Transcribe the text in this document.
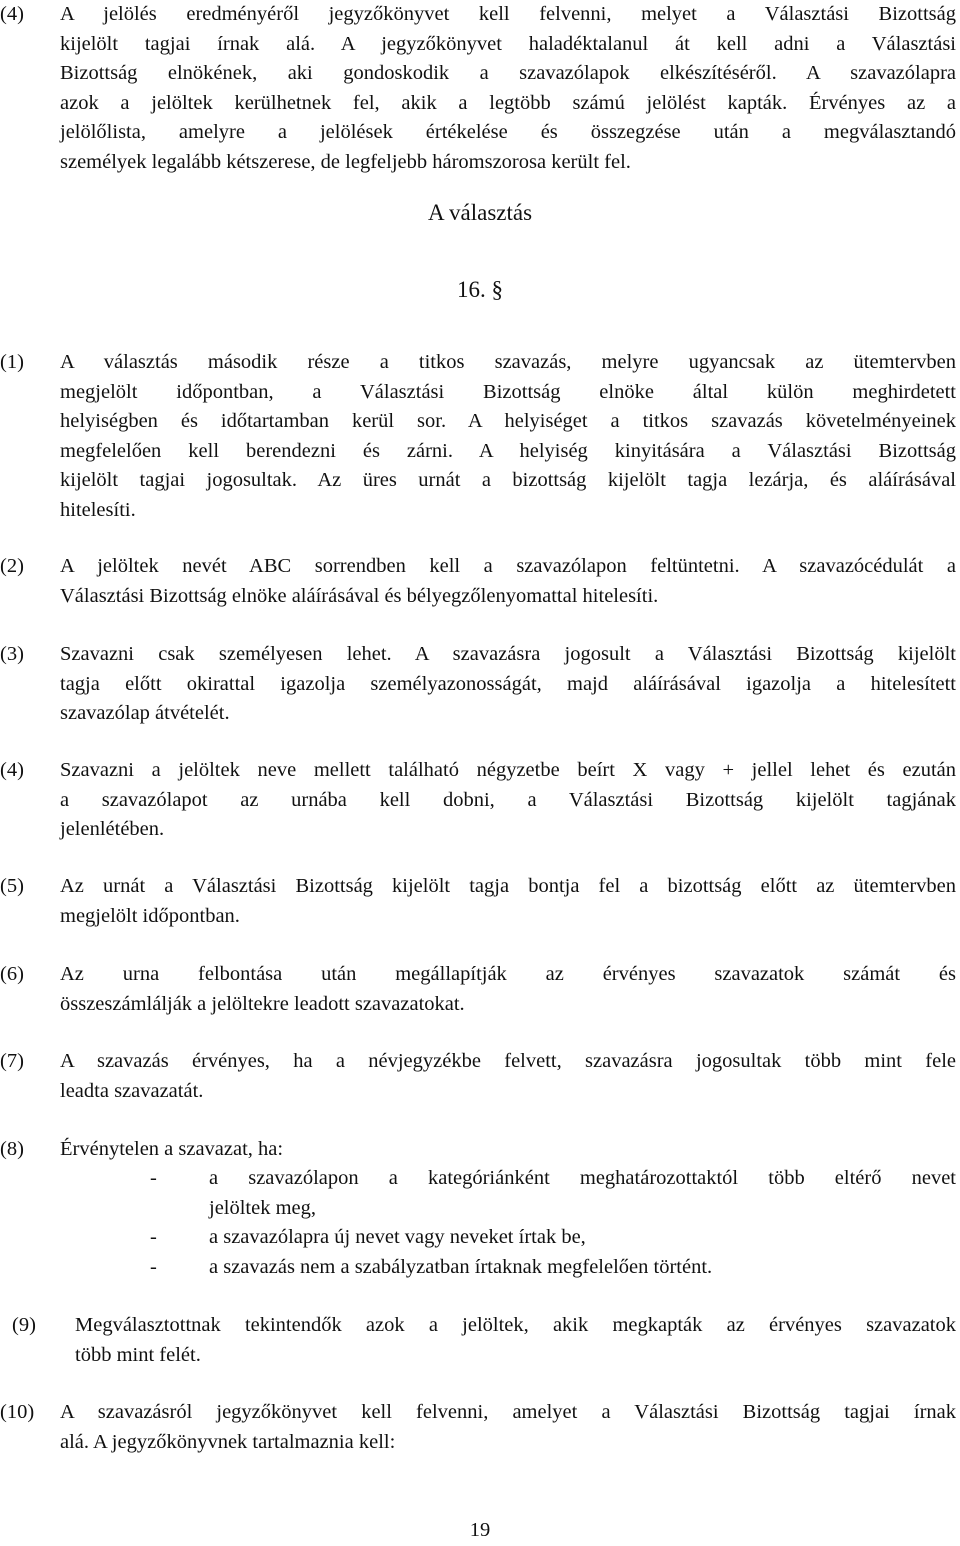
(4) A jelölés eredményéről jegyzőkönyvet kell felvenni, melyet a Választási Bizottság
kijelölt tagjai írnak alá. A jegyzőkönyvet haladéktalanul át kell adni a Választási
Bizottság elnökének, aki gondoskodik a szavazólapok elkészítéséről. A szavazólapra
azok a jelöltek kerülhetnek fel, akik a legtöbb számú jelölést kapták. Érvényes az a
jelölőlista, amelyre a jelölések értékelése és összegzése után a megválasztandó
személyek legalább kétszerese, de legfeljebb háromszorosa került fel.
A választás
16. §
(1) A választás második része a titkos szavazás, melyre ugyancsak az ütemtervben
megjelölt időpontban, a Választási Bizottság elnöke által külön meghirdetett
helyiségben és időtartamban kerül sor. A helyiséget a titkos szavazás követelményeinek
megfelelően kell berendezni és zárni. A helyiség kinyitására a Választási Bizottság
kijelölt tagjai jogosultak. Az üres urnát a bizottság kijelölt tagja lezárja, és aláírásával
hitelesíti.
(2) A jelöltek nevét ABC sorrendben kell a szavazólapon feltüntetni. A szavazócédulát a
Választási Bizottság elnöke aláírásával és bélyegzőlenyomattal hitelesíti.
(3) Szavazni csak személyesen lehet. A szavazásra jogosult a Választási Bizottság kijelölt
tagja előtt okirattal igazolja személyazonosságát, majd aláírásával igazolja a hitelesített
szavazólap átvételét.
(4) Szavazni a jelöltek neve mellett található négyzetbe beírt X vagy + jellel lehet és ezután
a szavazólapot az urnába kell dobni, a Választási Bizottság kijelölt tagjának
jelenlétében.
(5) Az urnát a Választási Bizottság kijelölt tagja bontja fel a bizottság előtt az ütemtervben
megjelölt időpontban.
(6) Az urna felbontása után megállapítják az érvényes szavazatok számát és
összeszámlálják a jelöltekre leadott szavazatokat.
(7) A szavazás érvényes, ha a névjegyzékbe felvett, szavazásra jogosultak több mint fele
leadta szavazatát.
(8) Érvénytelen a szavazat, ha:
-	a szavazólapon a kategóriánként meghatározottaktól több eltérő nevet
jelöltek meg,
-	a szavazólapra új nevet vagy neveket írtak be,
-	a szavazás nem a szabályzatban írtaknak megfelelően történt.
(9) Megválasztottnak tekintendők azok a jelöltek, akik megkapták az érvényes szavazatok
több mint felét.
(10) A szavazásról jegyzőkönyvet kell felvenni, amelyet a Választási Bizottság tagjai írnak
alá. A jegyzőkönyvnek tartalmaznia kell:
19
